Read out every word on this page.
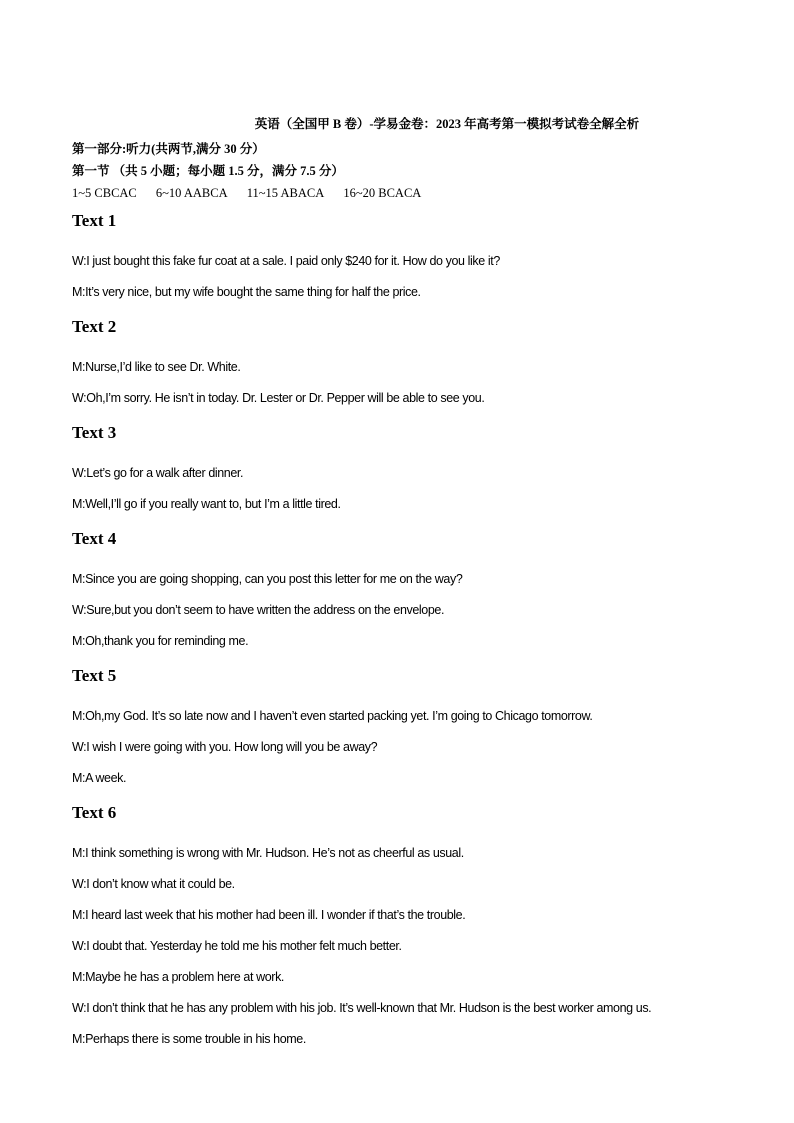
英语（全国甲 B 卷）-学易金卷：2023 年高考第一模拟考试卷全解全析
第一部分:听力(共两节,满分 30 分）
第一节 （共 5 小题；每小题 1.5 分，满分 7.5 分）
1~5 CBCAC 6~10 AABCA 11~15 ABACA 16~20 BCACA
Text 1
W:I just bought this fake fur coat at a sale. I paid only $240 for it. How do you like it?
M:It’s very nice, but my wife bought the same thing for half the price.
Text 2
M:Nurse,I’d like to see Dr. White.
W:Oh,I’m sorry. He isn’t in today. Dr. Lester or Dr. Pepper will be able to see you.
Text 3
W:Let’s go for a walk after dinner.
M:Well,I’ll go if you really want to, but I’m a little tired.
Text 4
M:Since you are going shopping, can you post this letter for me on the way?
W:Sure,but you don’t seem to have written the address on the envelope.
M:Oh,thank you for reminding me.
Text 5
M:Oh,my God. It’s so late now and I haven’t even started packing yet. I’m going to Chicago tomorrow.
W:I wish I were going with you. How long will you be away?
M:A week.
Text 6
M:I think something is wrong with Mr. Hudson. He’s not as cheerful as usual.
W:I don’t know what it could be.
M:I heard last week that his mother had been ill. I wonder if that’s the trouble.
W:I doubt that. Yesterday he told me his mother felt much better.
M:Maybe he has a problem here at work.
W:I don’t think that he has any problem with his job. It’s well-known that Mr. Hudson is the best worker among us.
M:Perhaps there is some trouble in his home.
